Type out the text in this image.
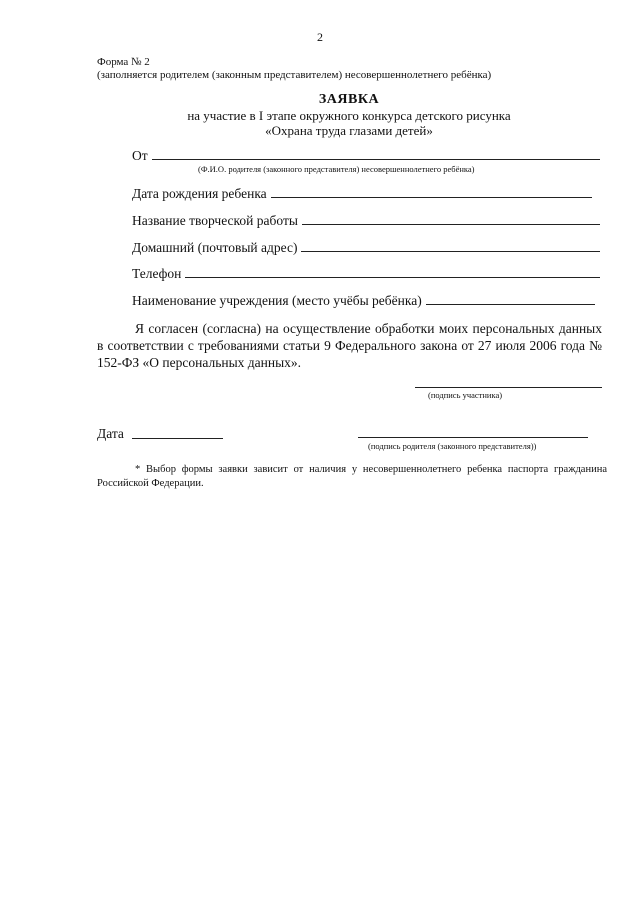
2
Форма № 2
(заполняется родителем (законным представителем) несовершеннолетнего ребёнка)
ЗАЯВКА
на участие в I этапе окружного конкурса детского рисунка
«Охрана труда глазами детей»
От
(Ф.И.О. родителя (законного представителя) несовершеннолетнего ребёнка)
Дата рождения ребенка
Название творческой работы
Домашний (почтовый адрес)
Телефон
Наименование учреждения (место учёбы ребёнка)
Я согласен (согласна) на осуществление обработки моих персональных данных в соответствии с требованиями статьи 9 Федерального закона от 27 июля 2006 года № 152-ФЗ «О персональных данных».
(подпись участника)
Дата
(подпись родителя (законного представителя))
* Выбор формы заявки зависит от наличия у несовершеннолетнего ребенка паспорта гражданина Российской Федерации.
